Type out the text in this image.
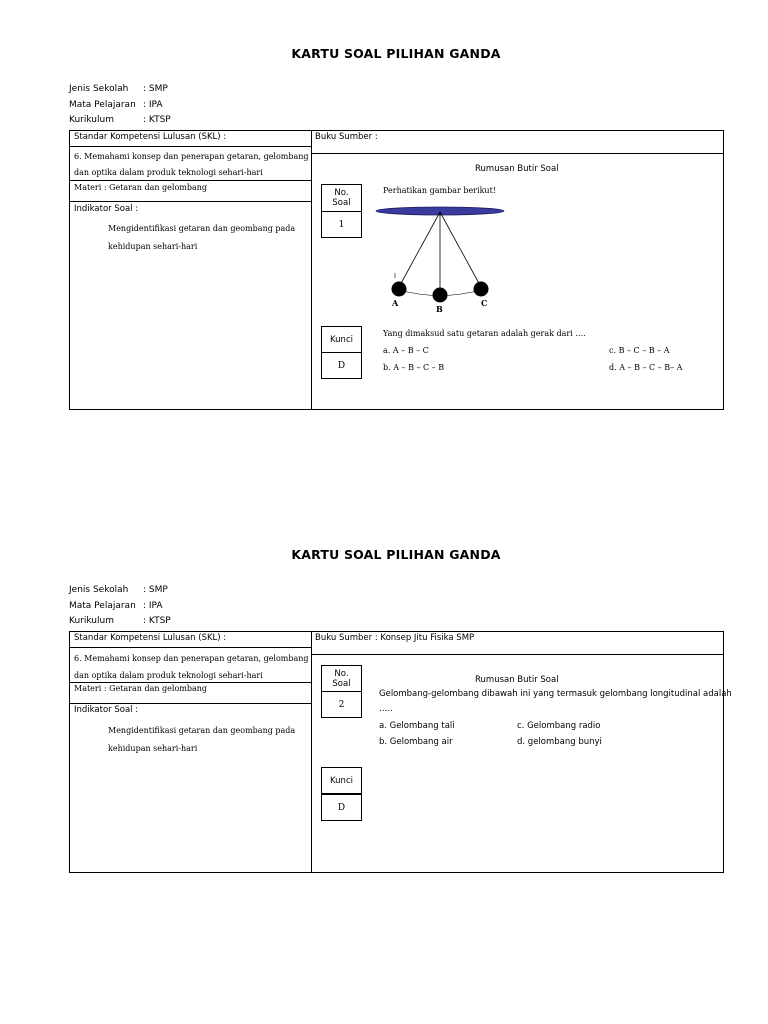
KARTU SOAL PILIHAN GANDA
Jenis Sekolah	: SMP
Mata Pelajaran : IPA
Kurikulum	: KTSP
Standar Kompetensi Lulusan (SKL) :
6. Memahami konsep dan penerapan getaran, gelombang
dan optika dalam produk teknologi sehari-hari
Materi : Getaran dan gelombang
Indikator Soal :
Mengidentifikasi getaran dan geombang pada
kehidupan sehari-hari
Buku Sumber :
Rumusan Butir Soal
No.
Soal
1
Perhatikan gambar berikut!
A
B
C
Kunci
D
Yang dimaksud satu getaran adalah gerak dari ….
a. A – B – C	c. B – C – B – A
b. A – B – C – B	d. A – B – C – B– A
KARTU SOAL PILIHAN GANDA
Jenis Sekolah	: SMP
Mata Pelajaran : IPA
Kurikulum	: KTSP
Standar Kompetensi Lulusan (SKL) :
6. Memahami konsep dan penerapan getaran, gelombang
dan optika dalam produk teknologi sehari-hari
Materi : Getaran dan gelombang
Indikator Soal :
Mengidentifikasi getaran dan geombang pada
kehidupan sehari-hari
Buku Sumber : Konsep Jitu Fisika SMP
No.
Soal
2
Rumusan Butir Soal
Gelombang-gelombang dibawah ini yang termasuk gelombang longitudinal adalah
…..
a. Gelombang tali	c. Gelombang radio
b. Gelombang air	d. gelombang bunyi
Kunci
D
